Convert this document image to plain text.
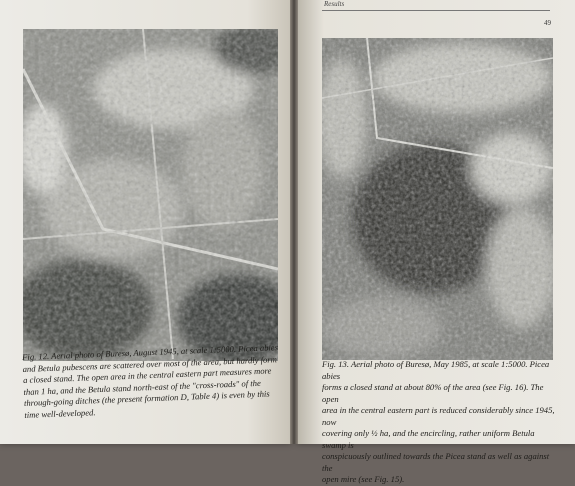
Results
49

Fig. 12. Aerial photo of Buresø, August 1945, at scale 1:5000. Picea abies
and Betula pubescens are scattered over most of the area, but hardly form
a closed stand. The open area in the central eastern part measures more
than 1 ha, and the Betula stand north-east of the "cross-roads" of the
through-going ditches (the present formation D, Table 4) is even by this
time well-developed.

Fig. 13. Aerial photo of Buresø, May 1985, at scale 1:5000. Picea abies
forms a closed stand at about 80% of the area (see Fig. 16). The open
area in the central eastern part is reduced considerably since 1945, now
covering only ½ ha, and the encircling, rather uniform Betula swamp is
conspicuously outlined towards the Picea stand as well as against the
open mire (see Fig. 15).
